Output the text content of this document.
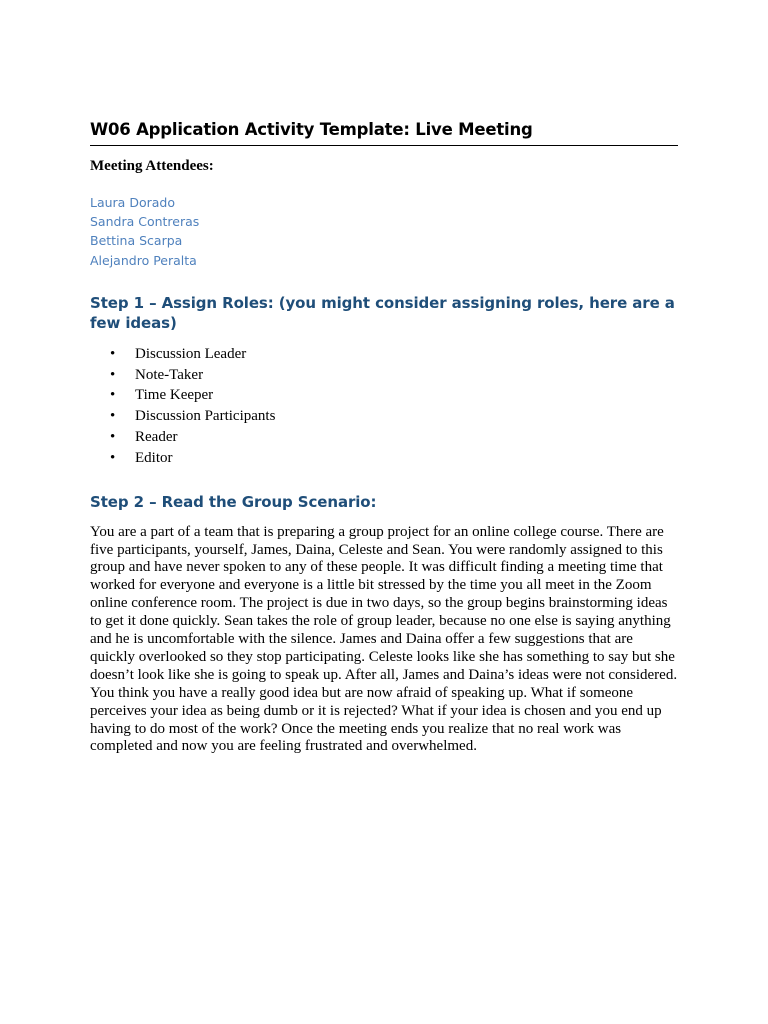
W06 Application Activity Template: Live Meeting
Meeting Attendees:
Laura Dorado
Sandra Contreras
Bettina Scarpa
Alejandro Peralta
Step 1 – Assign Roles: (you might consider assigning roles, here are a few ideas)
• Discussion Leader
• Note-Taker
• Time Keeper
• Discussion Participants
• Reader
• Editor
Step 2 – Read the Group Scenario:

You are a part of a team that is preparing a group project for an online college course. There are five participants, yourself, James, Daina, Celeste and Sean. You were randomly assigned to this group and have never spoken to any of these people. It was difficult finding a meeting time that worked for everyone and everyone is a little bit stressed by the time you all meet in the Zoom online conference room. The project is due in two days, so the group begins brainstorming ideas to get it done quickly. Sean takes the role of group leader, because no one else is saying anything and he is uncomfortable with the silence. James and Daina offer a few suggestions that are quickly overlooked so they stop participating. Celeste looks like she has something to say but she doesn’t look like she is going to speak up. After all, James and Daina’s ideas were not considered. You think you have a really good idea but are now afraid of speaking up. What if someone perceives your idea as being dumb or it is rejected? What if your idea is chosen and you end up having to do most of the work? Once the meeting ends you realize that no real work was completed and now you are feeling frustrated and overwhelmed.
